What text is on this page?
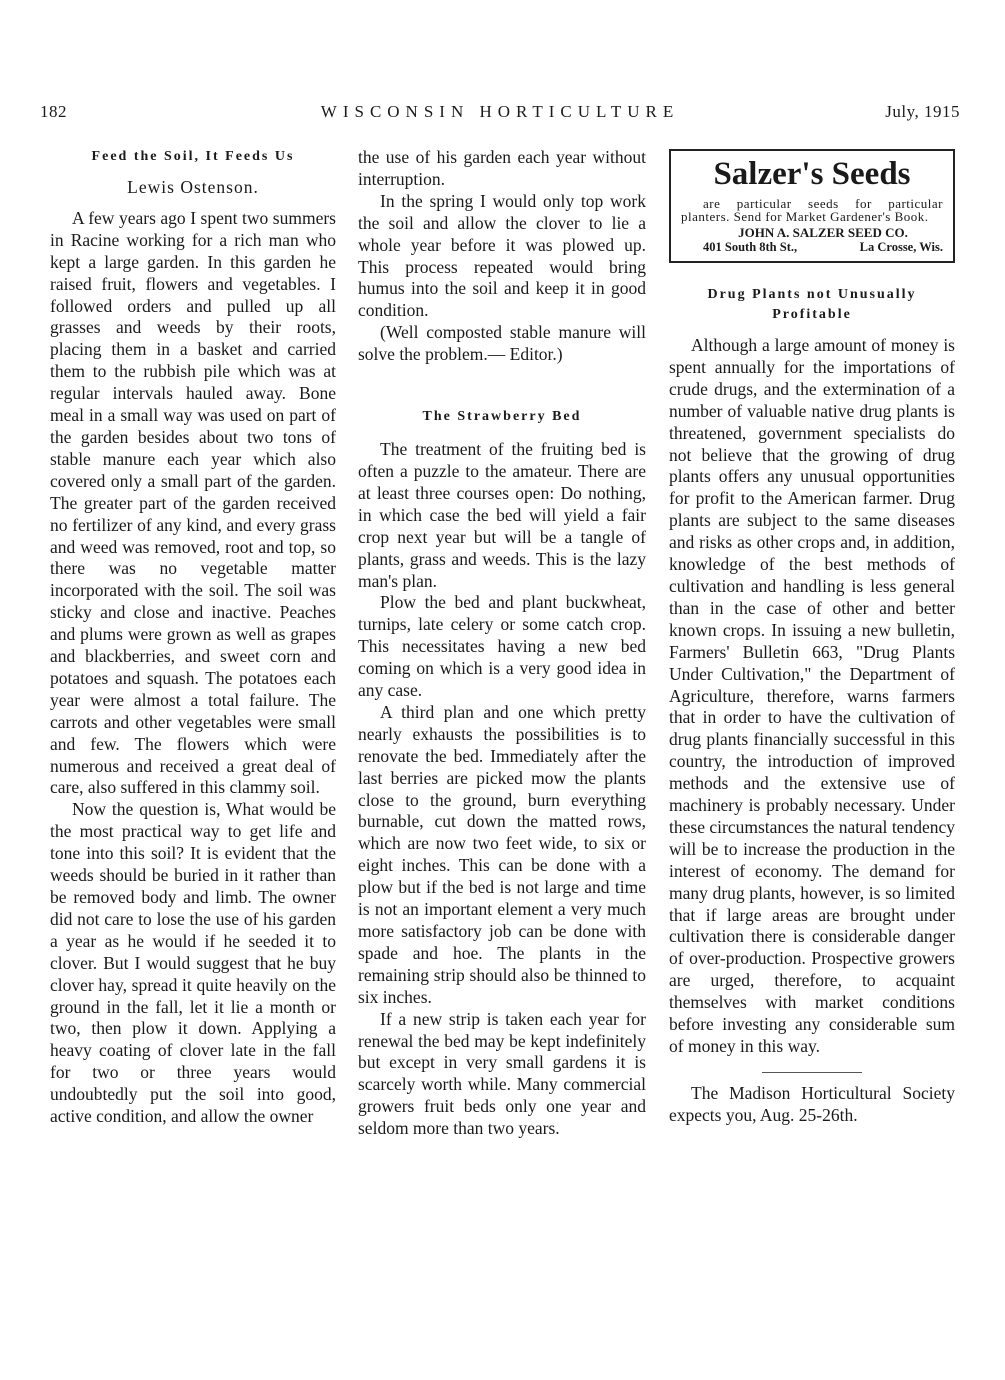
182	WISCONSIN HORTICULTURE	July, 1915
Feed the Soil, It Feeds Us
Lewis Ostenson.

A few years ago I spent two summers in Racine working for a rich man who kept a large garden. In this garden he raised fruit, flowers and vegetables. I followed orders and pulled up all grasses and weeds by their roots, placing them in a basket and carried them to the rubbish pile which was at regular intervals hauled away. Bone meal in a small way was used on part of the garden besides about two tons of stable manure each year which also covered only a small part of the garden. The greater part of the garden received no fertilizer of any kind, and every grass and weed was removed, root and top, so there was no vegetable matter incorporated with the soil. The soil was sticky and close and inactive. Peaches and plums were grown as well as grapes and blackberries, and sweet corn and potatoes and squash. The potatoes each year were almost a total failure. The carrots and other vegetables were small and few. The flowers which were numerous and received a great deal of care, also suffered in this clammy soil.

Now the question is, What would be the most practical way to get life and tone into this soil? It is evident that the weeds should be buried in it rather than be removed body and limb. The owner did not care to lose the use of his garden a year as he would if he seeded it to clover. But I would suggest that he buy clover hay, spread it quite heavily on the ground in the fall, let it lie a month or two, then plow it down. Applying a heavy coating of clover late in the fall for two or three years would undoubtedly put the soil into good, active condition, and allow the owner

the use of his garden each year without interruption.

In the spring I would only top work the soil and allow the clover to lie a whole year before it was plowed up. This process repeated would bring humus into the soil and keep it in good condition.

(Well composted stable manure will solve the problem.— Editor.)

The Strawberry Bed

The treatment of the fruiting bed is often a puzzle to the amateur. There are at least three courses open: Do nothing, in which case the bed will yield a fair crop next year but will be a tangle of plants, grass and weeds. This is the lazy man's plan.

Plow the bed and plant buckwheat, turnips, late celery or some catch crop. This necessitates having a new bed coming on which is a very good idea in any case.

A third plan and one which pretty nearly exhausts the possibilities is to renovate the bed. Immediately after the last berries are picked mow the plants close to the ground, burn everything burnable, cut down the matted rows, which are now two feet wide, to six or eight inches. This can be done with a plow but if the bed is not large and time is not an important element a very much more satisfactory job can be done with spade and hoe. The plants in the remaining strip should also be thinned to six inches.

If a new strip is taken each year for renewal the bed may be kept indefinitely but except in very small gardens it is scarcely worth while. Many commercial growers fruit beds only one year and seldom more than two years.

Salzer's Seeds

are particular seeds for particular planters. Send for Market Gardener's Book.

JOHN A. SALZER SEED CO.

401 South 8th St.,	La Crosse, Wis.

Drug Plants not Unusually
Profitable

Although a large amount of money is spent annually for the importations of crude drugs, and the extermination of a number of valuable native drug plants is threatened, government specialists do not believe that the growing of drug plants offers any unusual opportunities for profit to the American farmer. Drug plants are subject to the same diseases and risks as other crops and, in addition, knowledge of the best methods of cultivation and handling is less general than in the case of other and better known crops. In issuing a new bulletin, Farmers' Bulletin 663, "Drug Plants Under Cultivation," the Department of Agriculture, therefore, warns farmers that in order to have the cultivation of drug plants financially successful in this country, the introduction of improved methods and the extensive use of machinery is probably necessary. Under these circumstances the natural tendency will be to increase the production in the interest of economy. The demand for many drug plants, however, is so limited that if large areas are brought under cultivation there is considerable danger of over-production. Prospective growers are urged, therefore, to acquaint themselves with market conditions before investing any considerable sum of money in this way.

The Madison Horticultural Society expects you, Aug. 25-26th.
